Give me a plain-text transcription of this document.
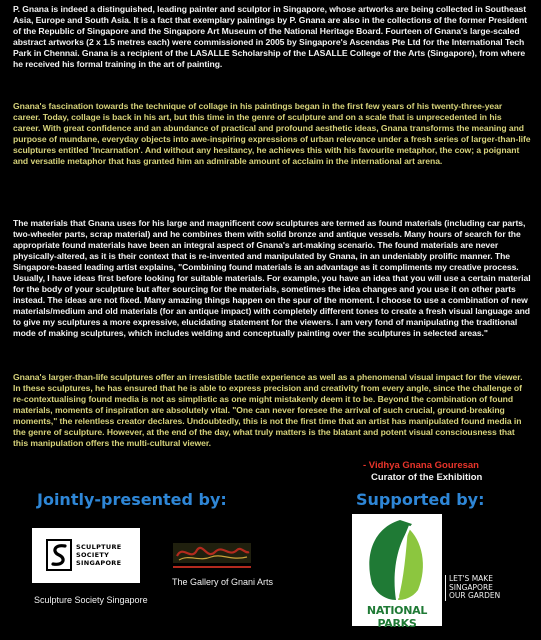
P. Gnana is indeed a distinguished, leading painter and sculptor in Singapore, whose artworks are being collected in Southeast Asia, Europe and South Asia. It is a fact that exemplary paintings by P. Gnana are also in the collections of the former President of the Republic of Singapore and the Singapore Art Museum of the National Heritage Board. Fourteen of Gnana's large-scaled abstract artworks (2 x 1.5 metres each) were commissioned in 2005 by Singapore's Ascendas Pte Ltd for the International Tech Park in Chennai. Gnana is a recipient of the LASALLE Scholarship of the LASALLE College of the Arts (Singapore), from where he received his formal training in the art of painting.

Gnana's fascination towards the technique of collage in his paintings began in the first few years of his twenty-three-year career. Today, collage is back in his art, but this time in the genre of sculpture and on a scale that is unprecedented in his career. With great confidence and an abundance of practical and profound aesthetic ideas, Gnana transforms the meaning and purpose of mundane, everyday objects into awe-inspiring expressions of urban relevance under a fresh series of larger-than-life sculptures entitled 'Incarnation'. And without any hesitancy, he achieves this with his favourite metaphor, the cow; a poignant and versatile metaphor that has granted him an admirable amount of acclaim in the international art arena.

The materials that Gnana uses for his large and magnificent cow sculptures are termed as found materials (including car parts, two-wheeler parts, scrap material) and he combines them with solid bronze and antique vessels. Many hours of search for the appropriate found materials have been an integral aspect of Gnana's art-making scenario. The found materials are never physically-altered, as it is their context that is re-invented and manipulated by Gnana, in an undeniably prolific manner. The Singapore-based leading artist explains, "Combining found materials is an advantage as it compliments my creative process. Usually, I have ideas first before looking for suitable materials. For example, you have an idea that you will use a certain material for the body of your sculpture but after sourcing for the materials, sometimes the idea changes and you use it on other parts instead. The ideas are not fixed. Many amazing things happen on the spur of the moment. I choose to use a combination of new materials/medium and old materials (for an antique impact) with completely different tones to create a fresh visual language and to give my sculptures a more expressive, elucidating statement for the viewers. I am very fond of manipulating the traditional mode of making sculptures, which includes welding and conceptually painting over the sculptures in selected areas."

Gnana's larger-than-life sculptures offer an irresistible tactile experience as well as a phenomenal visual impact for the viewer. In these sculptures, he has ensured that he is able to express precision and creativity from every angle, since the challenge of re-contextualising found media is not as simplistic as one might mistakenly deem it to be. Beyond the combination of found materials, moments of inspiration are absolutely vital. "One can never foresee the arrival of such crucial, ground-breaking moments," the relentless creator declares. Undoubtedly, this is not the first time that an artist has manipulated found media in the genre of sculpture. However, at the end of the day, what truly matters is the blatant and potent visual consciousness that this manipulation offers the multi-cultural viewer.

- Vidhya Gnana Gouresan

Curator of the Exhibition

Jointly-presented by:	Supported by:

SCULPTURE
SOCIETY
SINGAPORE

Sculpture Society Singapore

The Gallery of Gnani Arts

NATIONAL PARKS
LET'S MAKE
SINGAPORE
OUR GARDEN
